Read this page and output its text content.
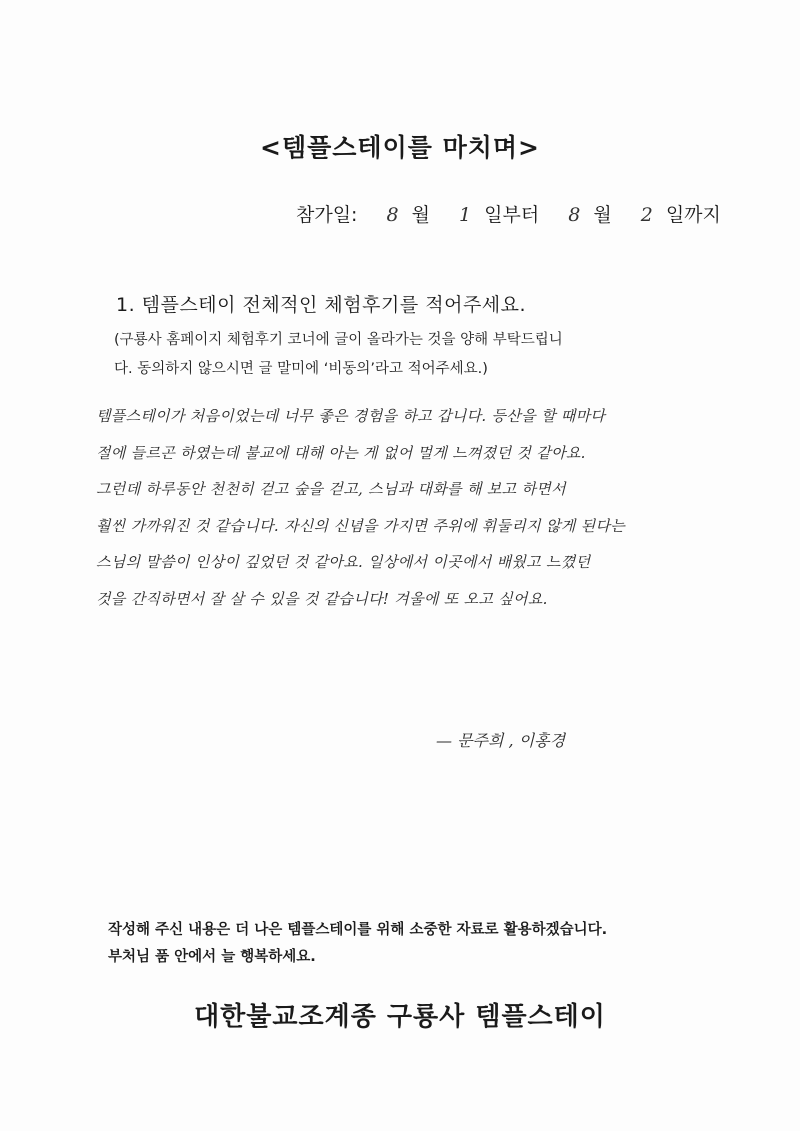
<템플스테이를 마치며>
참가일: 8 월 1 일부터 8 월 2 일까지
1. 템플스테이 전체적인 체험후기를 적어주세요.
(구룡사 홈페이지 체험후기 코너에 글이 올라가는 것을 양해 부탁드립니
다. 동의하지 않으시면 글 말미에 ‘비동의’라고 적어주세요.)
템플스테이가 처음이었는데 너무 좋은 경험을 하고 갑니다. 등산을 할 때마다
절에 들르곤 하였는데 불교에 대해 아는 게 없어 멀게 느껴졌던 것 같아요.
그런데 하루동안 천천히 걷고 숲을 걷고, 스님과 대화를 해 보고 하면서
훨씬 가까워진 것 같습니다. 자신의 신념을 가지면 주위에 휘둘리지 않게 된다는
스님의 말씀이 인상이 깊었던 것 같아요. 일상에서 이곳에서 배웠고 느꼈던
것을 간직하면서 잘 살 수 있을 것 같습니다! 겨울에 또 오고 싶어요.
— 문주희 , 이홍경
작성해 주신 내용은 더 나은 템플스테이를 위해 소중한 자료로 활용하겠습니다.
부처님 품 안에서 늘 행복하세요.
대한불교조계종 구룡사 템플스테이
